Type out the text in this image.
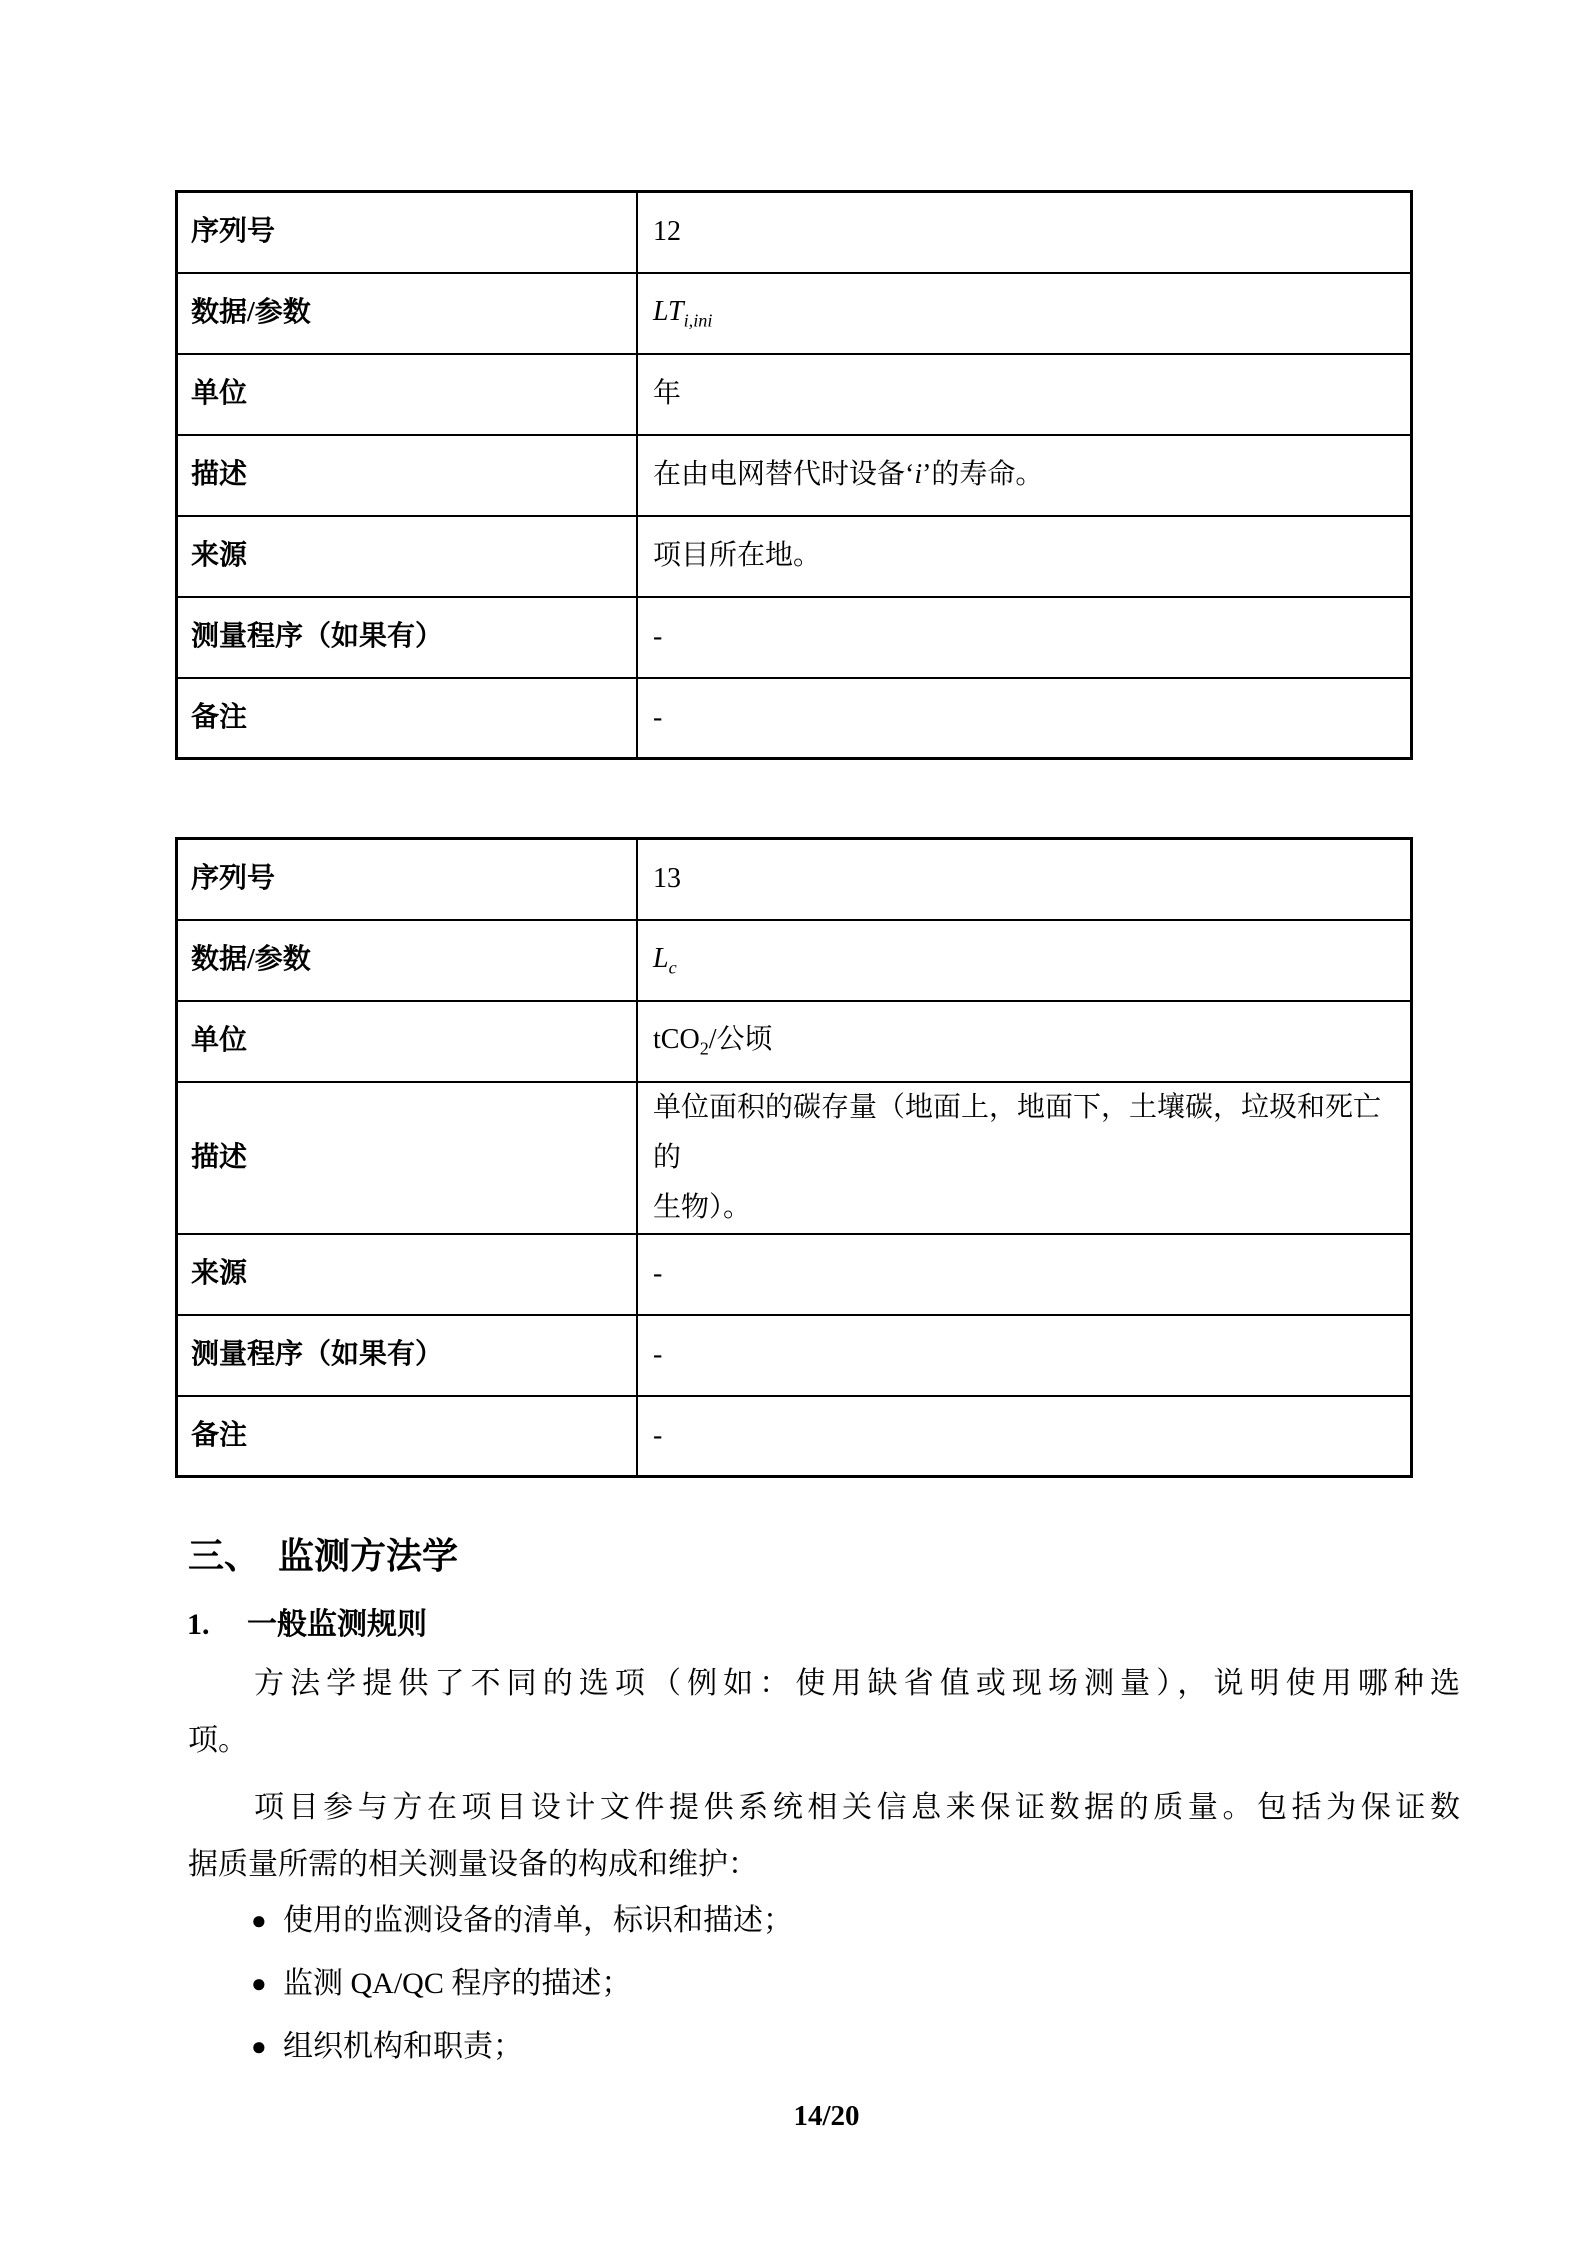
序列号	12
数据/参数	$LT_{i,ini}$
单位	年
描述	在由电网替代时设备‘i’的寿命。
来源	项目所在地。
测量程序（如果有）	-
备注	-
序列号	13
数据/参数	$L_c$
单位	tCO$_2$/公顷
描述	单位面积的碳存量（地面上，地面下，土壤碳，垃圾和死亡的
生物）。

来源	-
测量程序（如果有）	-
备注	-
三、 监测方法学
1. 一般监测规则
方法学提供了不同的选项（例如：使用缺省值或现场测量），说明使用哪种选
项。
项目参与方在项目设计文件提供系统相关信息来保证数据的质量。包括为保证数
据质量所需的相关测量设备的构成和维护：
● 使用的监测设备的清单，标识和描述；
● 监测 QA/QC 程序的描述；
● 组织机构和职责；
14/20
